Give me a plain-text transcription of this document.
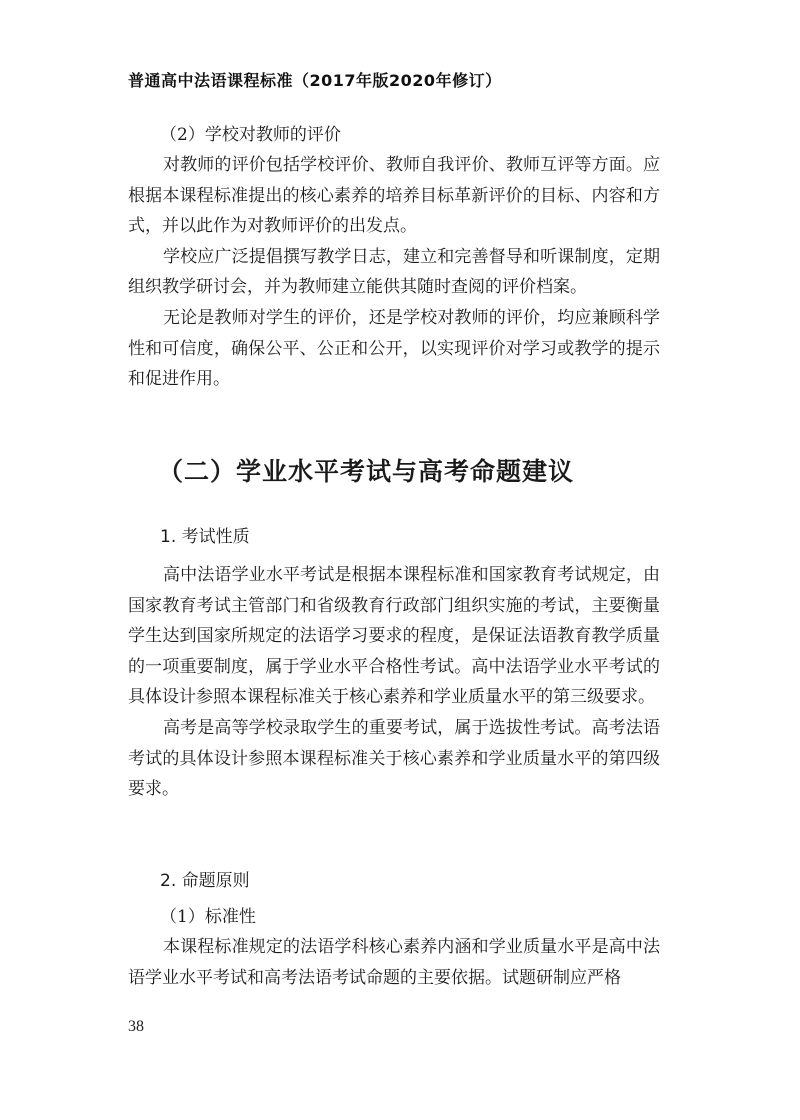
普通高中法语课程标准（2017年版2020年修订）
（2）学校对教师的评价

对教师的评价包括学校评价、教师自我评价、教师互评等方面。应根据本课程标准提出的核心素养的培养目标革新评价的目标、内容和方式，并以此作为对教师评价的出发点。

学校应广泛提倡撰写教学日志，建立和完善督导和听课制度，定期组织教学研讨会，并为教师建立能供其随时查阅的评价档案。

无论是教师对学生的评价，还是学校对教师的评价，均应兼顾科学性和可信度，确保公平、公正和公开，以实现评价对学习或教学的提示和促进作用。

（二）学业水平考试与高考命题建议
1. 考试性质

高中法语学业水平考试是根据本课程标准和国家教育考试规定，由国家教育考试主管部门和省级教育行政部门组织实施的考试，主要衡量学生达到国家所规定的法语学习要求的程度，是保证法语教育教学质量的一项重要制度，属于学业水平合格性考试。高中法语学业水平考试的具体设计参照本课程标准关于核心素养和学业质量水平的第三级要求。

高考是高等学校录取学生的重要考试，属于选拔性考试。高考法语考试的具体设计参照本课程标准关于核心素养和学业质量水平的第四级要求。

2. 命题原则
（1）标准性

本课程标准规定的法语学科核心素养内涵和学业质量水平是高中法语学业水平考试和高考法语考试命题的主要依据。试题研制应严格

38
